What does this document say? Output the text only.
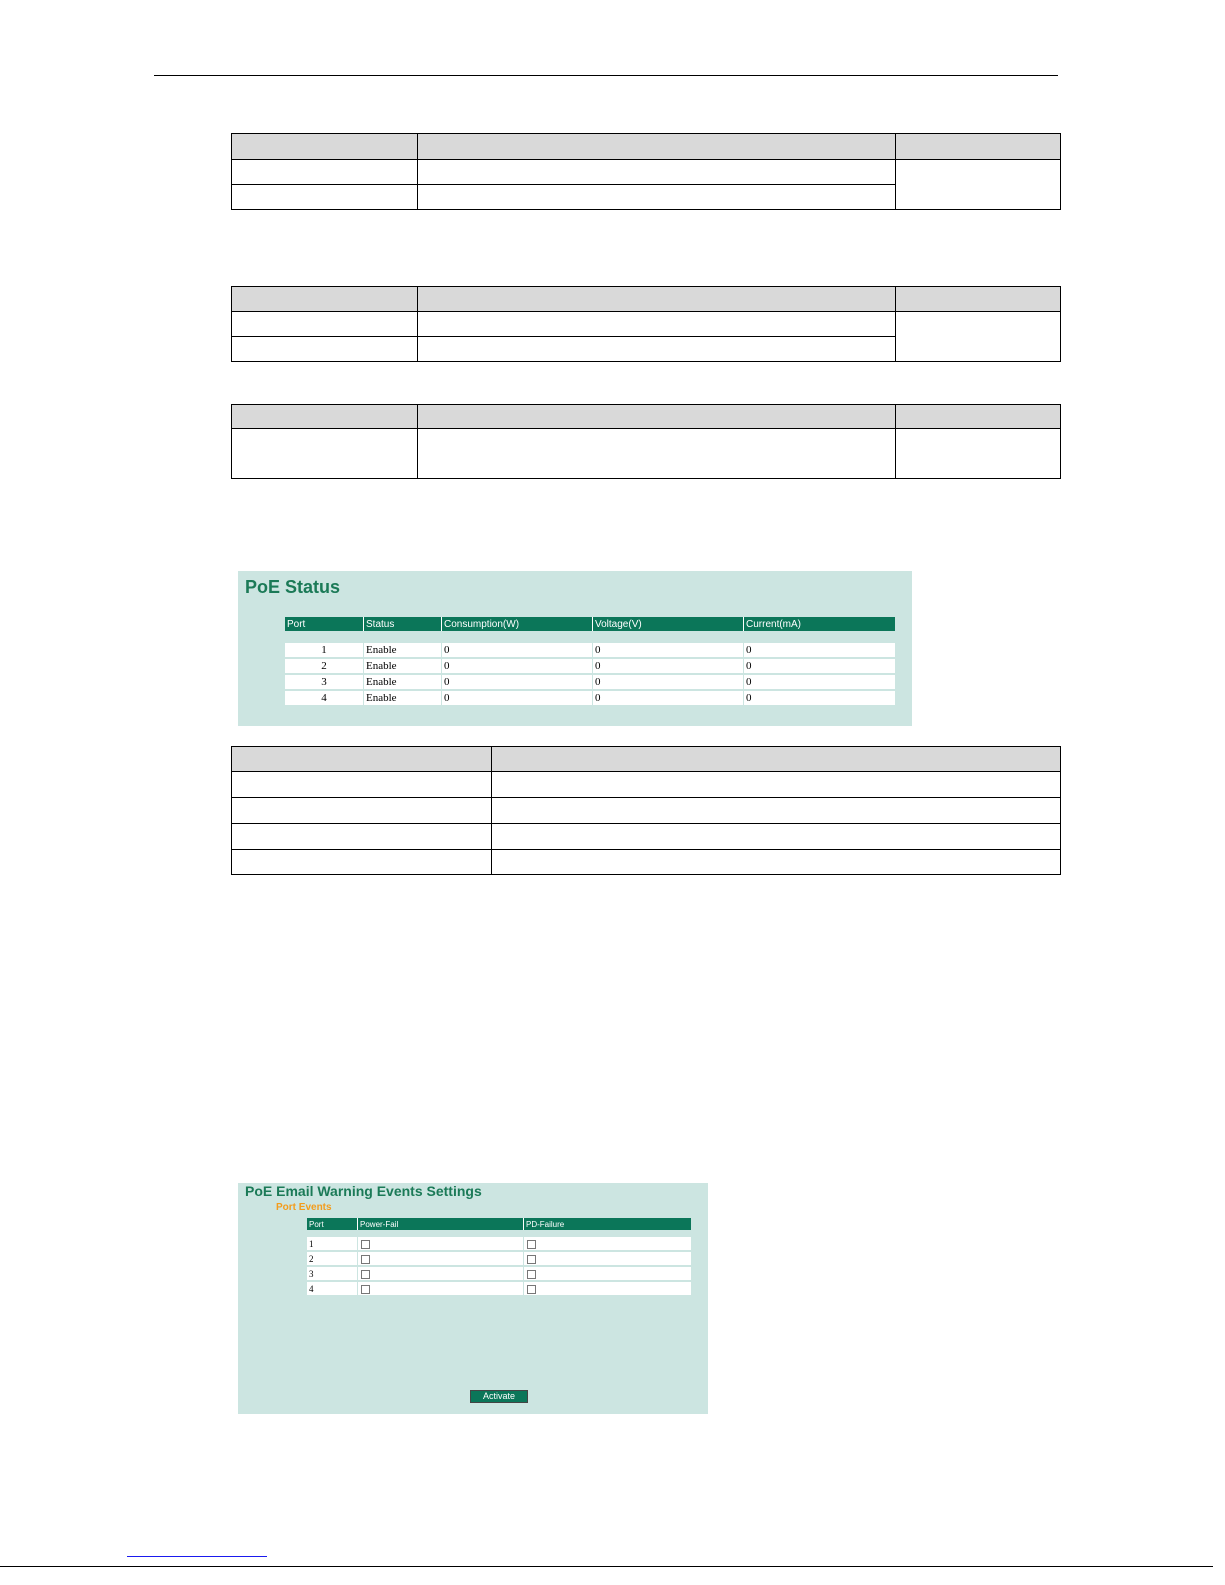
PoE Status
Port	Status	Consumption(W)	Voltage(V)	Current(mA)

1	Enable	0	0	0
2	Enable	0	0	0
3	Enable	0	0	0
4	Enable	0	0	0

PoE Email Warning Events Settings
Port Events
Port	Power-Fail	PD-Failure

1		
2		
3		
4		
Activate
